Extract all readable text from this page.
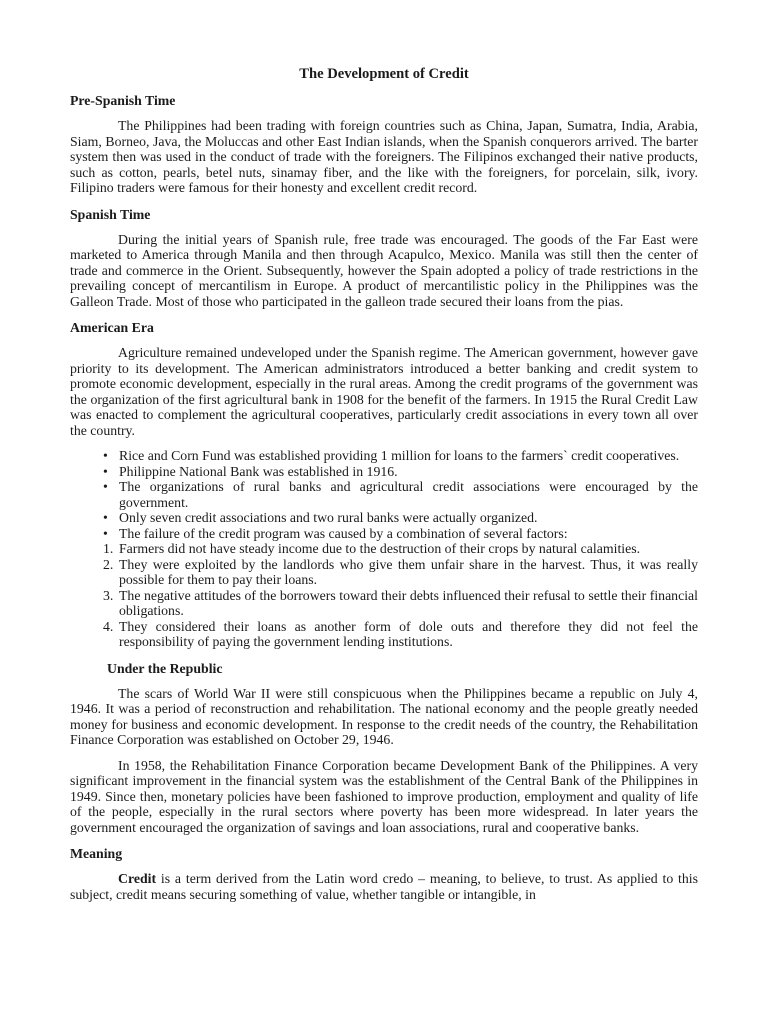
The Development of Credit
Pre-Spanish Time

The Philippines had been trading with foreign countries such as China, Japan, Sumatra, India, Arabia, Siam, Borneo, Java, the Moluccas and other East Indian islands, when the Spanish conquerors arrived. The barter system then was used in the conduct of trade with the foreigners. The Filipinos exchanged their native products, such as cotton, pearls, betel nuts, sinamay fiber, and the like with the foreigners, for porcelain, silk, ivory. Filipino traders were famous for their honesty and excellent credit record.

Spanish Time

During the initial years of Spanish rule, free trade was encouraged. The goods of the Far East were marketed to America through Manila and then through Acapulco, Mexico. Manila was still then the center of trade and commerce in the Orient. Subsequently, however the Spain adopted a policy of trade restrictions in the prevailing concept of mercantilism in Europe. A product of mercantilistic policy in the Philippines was the Galleon Trade. Most of those who participated in the galleon trade secured their loans from the pias.

American Era

Agriculture remained undeveloped under the Spanish regime. The American government, however gave priority to its development. The American administrators introduced a better banking and credit system to promote economic development, especially in the rural areas. Among the credit programs of the government was the organization of the first agricultural bank in 1908 for the benefit of the farmers. In 1915 the Rural Credit Law was enacted to complement the agricultural cooperatives, particularly credit associations in every town all over the country.

• Rice and Corn Fund was established providing 1 million for loans to the farmers` credit cooperatives.
• Philippine National Bank was established in 1916.
• The organizations of rural banks and agricultural credit associations were encouraged by the government.
• Only seven credit associations and two rural banks were actually organized.
• The failure of the credit program was caused by a combination of several factors:
1. Farmers did not have steady income due to the destruction of their crops by natural calamities.
2. They were exploited by the landlords who give them unfair share in the harvest. Thus, it was really possible for them to pay their loans.
3. The negative attitudes of the borrowers toward their debts influenced their refusal to settle their financial obligations.
4. They considered their loans as another form of dole outs and therefore they did not feel the responsibility of paying the government lending institutions.
Under the Republic

The scars of World War II were still conspicuous when the Philippines became a republic on July 4, 1946. It was a period of reconstruction and rehabilitation. The national economy and the people greatly needed money for business and economic development. In response to the credit needs of the country, the Rehabilitation Finance Corporation was established on October 29, 1946.

In 1958, the Rehabilitation Finance Corporation became Development Bank of the Philippines. A very significant improvement in the financial system was the establishment of the Central Bank of the Philippines in 1949. Since then, monetary policies have been fashioned to improve production, employment and quality of life of the people, especially in the rural sectors where poverty has been more widespread. In later years the government encouraged the organization of savings and loan associations, rural and cooperative banks.

Meaning

Credit is a term derived from the Latin word credo – meaning, to believe, to trust. As applied to this subject, credit means securing something of value, whether tangible or intangible, in
